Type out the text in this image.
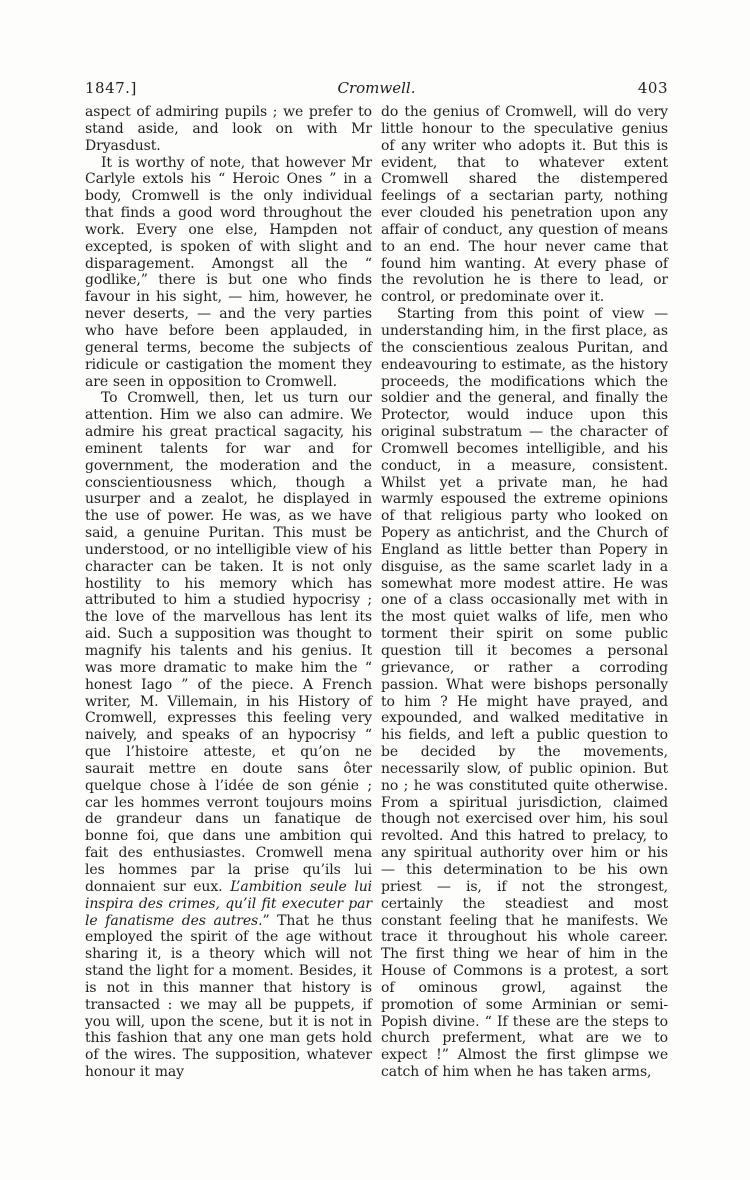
1847.]	Cromwell.	403

aspect of admiring pupils ; we prefer to stand aside, and look on with Mr Dryasdust.

It is worthy of note, that however Mr Carlyle extols his “ Heroic Ones ” in a body, Cromwell is the only individual that finds a good word throughout the work. Every one else, Hampden not excepted, is spoken of with slight and disparagement. Amongst all the “ godlike,” there is but one who finds favour in his sight, — him, however, he never deserts, — and the very parties who have before been applauded, in general terms, become the subjects of ridicule or castigation the moment they are seen in opposition to Cromwell.

To Cromwell, then, let us turn our attention. Him we also can admire. We admire his great practical sagacity, his eminent talents for war and for government, the moderation and the conscientiousness which, though a usurper and a zealot, he displayed in the use of power. He was, as we have said, a genuine Puritan. This must be understood, or no intelligible view of his character can be taken. It is not only hostility to his memory which has attributed to him a studied hypocrisy ; the love of the marvellous has lent its aid. Such a supposition was thought to magnify his talents and his genius. It was more dramatic to make him the “ honest Iago ” of the piece. A French writer, M. Villemain, in his History of Cromwell, expresses this feeling very naively, and speaks of an hypocrisy “ que l’histoire atteste, et qu’on ne saurait mettre en doute sans ôter quelque chose à l’idée de son génie ; car les hommes verront toujours moins de grandeur dans un fanatique de bonne foi, que dans une ambition qui fait des enthusiastes. Cromwell mena les hommes par la prise qu’ils lui donnaient sur eux. L’ambition seule lui inspira des crimes, qu’il fit executer par le fanatisme des autres.” That he thus employed the spirit of the age without sharing it, is a theory which will not stand the light for a moment. Besides, it is not in this manner that history is transacted : we may all be puppets, if you will, upon the scene, but it is not in this fashion that any one man gets hold of the wires. The supposition, whatever honour it may

do the genius of Cromwell, will do very little honour to the speculative genius of any writer who adopts it. But this is evident, that to whatever extent Cromwell shared the distempered feelings of a sectarian party, nothing ever clouded his penetration upon any affair of conduct, any question of means to an end. The hour never came that found him wanting. At every phase of the revolution he is there to lead, or control, or predominate over it.

Starting from this point of view — understanding him, in the first place, as the conscientious zealous Puritan, and endeavouring to estimate, as the history proceeds, the modifications which the soldier and the general, and finally the Protector, would induce upon this original substratum — the character of Cromwell becomes intelligible, and his conduct, in a measure, consistent. Whilst yet a private man, he had warmly espoused the extreme opinions of that religious party who looked on Popery as antichrist, and the Church of England as little better than Popery in disguise, as the same scarlet lady in a somewhat more modest attire. He was one of a class occasionally met with in the most quiet walks of life, men who torment their spirit on some public question till it becomes a personal grievance, or rather a corroding passion. What were bishops personally to him ? He might have prayed, and expounded, and walked meditative in his fields, and left a public question to be decided by the movements, necessarily slow, of public opinion. But no ; he was constituted quite otherwise. From a spiritual jurisdiction, claimed though not exercised over him, his soul revolted. And this hatred to prelacy, to any spiritual authority over him or his — this determination to be his own priest — is, if not the strongest, certainly the steadiest and most constant feeling that he manifests. We trace it throughout his whole career. The first thing we hear of him in the House of Commons is a protest, a sort of ominous growl, against the promotion of some Arminian or semi-Popish divine. “ If these are the steps to church preferment, what are we to expect !” Almost the first glimpse we catch of him when he has taken arms,
